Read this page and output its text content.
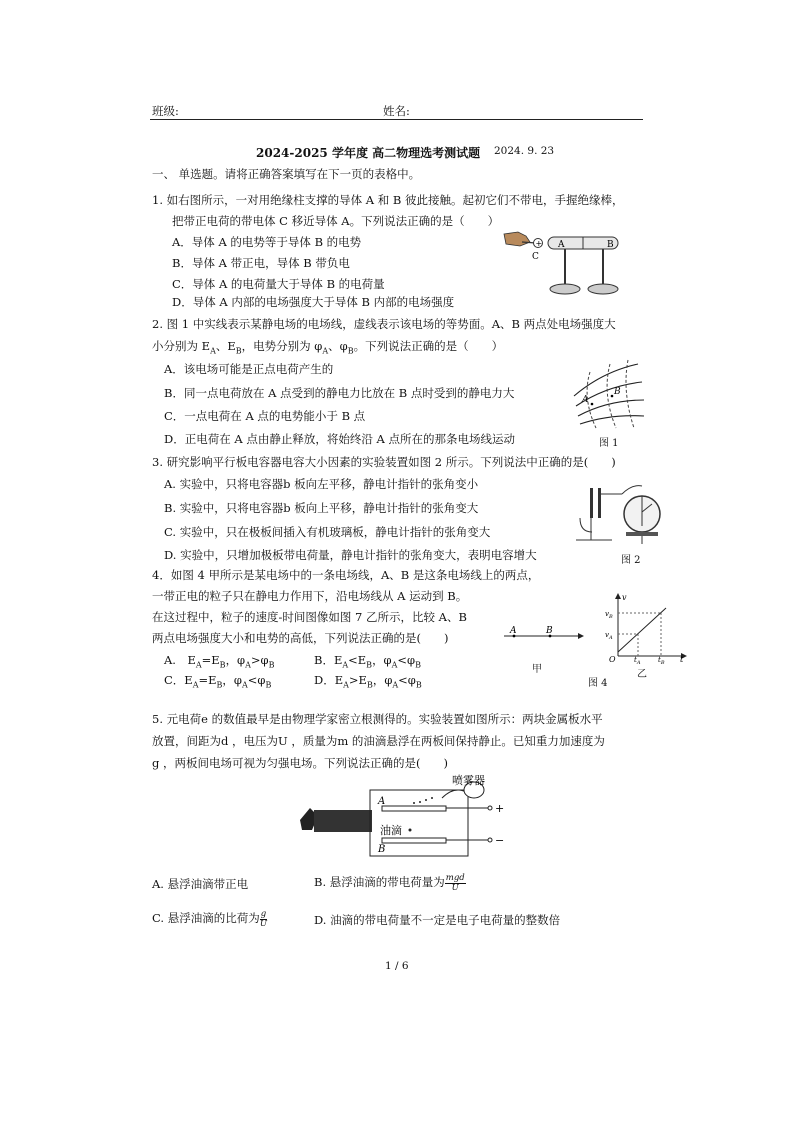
班级:	姓名:
2024-2025 学年度 高二物理选考测试题 2024. 9. 23
一、 单选题。请将正确答案填写在下一页的表格中。
1. 如右图所示，一对用绝缘柱支撑的导体 A 和 B 彼此接触。起初它们不带电，手握绝缘棒，
把带正电荷的带电体 C 移近导体 A。下列说法正确的是（　　）
A．导体 A 的电势等于导体 B 的电势
B．导体 A 带正电，导体 B 带负电
C．导体 A 的电荷量大于导体 B 的电荷量
D．导体 A 内部的电场强度大于导体 B 内部的电场强度
+ A	B
C
2. 图 1 中实线表示某静电场的电场线，虚线表示该电场的等势面。A、B 两点处电场强度大
小分别为 $E_A$、$E_B$，电势分别为 $\varphi_A$、$\varphi_B$。下列说法正确的是（　　）
A．该电场可能是正点电荷产生的
B．同一点电荷放在 A 点受到的静电力比放在 B 点时受到的静电力大
C．一点电荷在 A 点的电势能小于 B 点
D．正电荷在 A 点由静止释放，将始终沿 A 点所在的那条电场线运动
A
B
图 1
3. 研究影响平行板电容器电容大小因素的实验装置如图 2 所示。下列说法中正确的是(　　)
A. 实验中，只将电容器b 板向左平移，静电计指针的张角变小
B. 实验中，只将电容器b 板向上平移，静电计指针的张角变大
C. 实验中，只在极板间插入有机玻璃板，静电计指针的张角变大
D. 实验中，只增加极板带电荷量，静电计指针的张角变大，表明电容增大	图 2
4．如图 4 甲所示是某电场中的一条电场线，A、B 是这条电场线上的两点，
一带正电的粒子只在静电力作用下，沿电场线从 A 运动到 B。
在这过程中，粒子的速度-时间图像如图 7 乙所示，比较 A、B
两点电场强度大小和电势的高低，下列说法正确的是(　　)
A.　$E_A=E_B$，$\varphi_A>\varphi_B$	B．$E_A<E_B$，$\varphi_A<\varphi_B$
C．$E_A=E_B$，$\varphi_A<\varphi_B$	D．$E_A>E_B$，$\varphi_A<\varphi_B$
A	B
甲
v
$v_B$
$v_A$
O	$t_A$	$t_B$ t
乙
图 4
5. 元电荷e 的数值最早是由物理学家密立根测得的。实验装置如图所示：两块金属板水平
放置，间距为d ，电压为U ，质量为m 的油滴悬浮在两板间保持静止。已知重力加速度为
g ，两板间电场可视为匀强电场。下列说法正确的是(　　)
喷雾器
A
B
油滴
+
−
A. 悬浮油滴带正电	B. 悬浮油滴的带电荷量为 $\frac{\text{mgd}}{U}$
C. 悬浮油滴的比荷为 $\frac{g}{U}$	D. 油滴的带电荷量不一定是电子电荷量的整数倍
1 / 6
